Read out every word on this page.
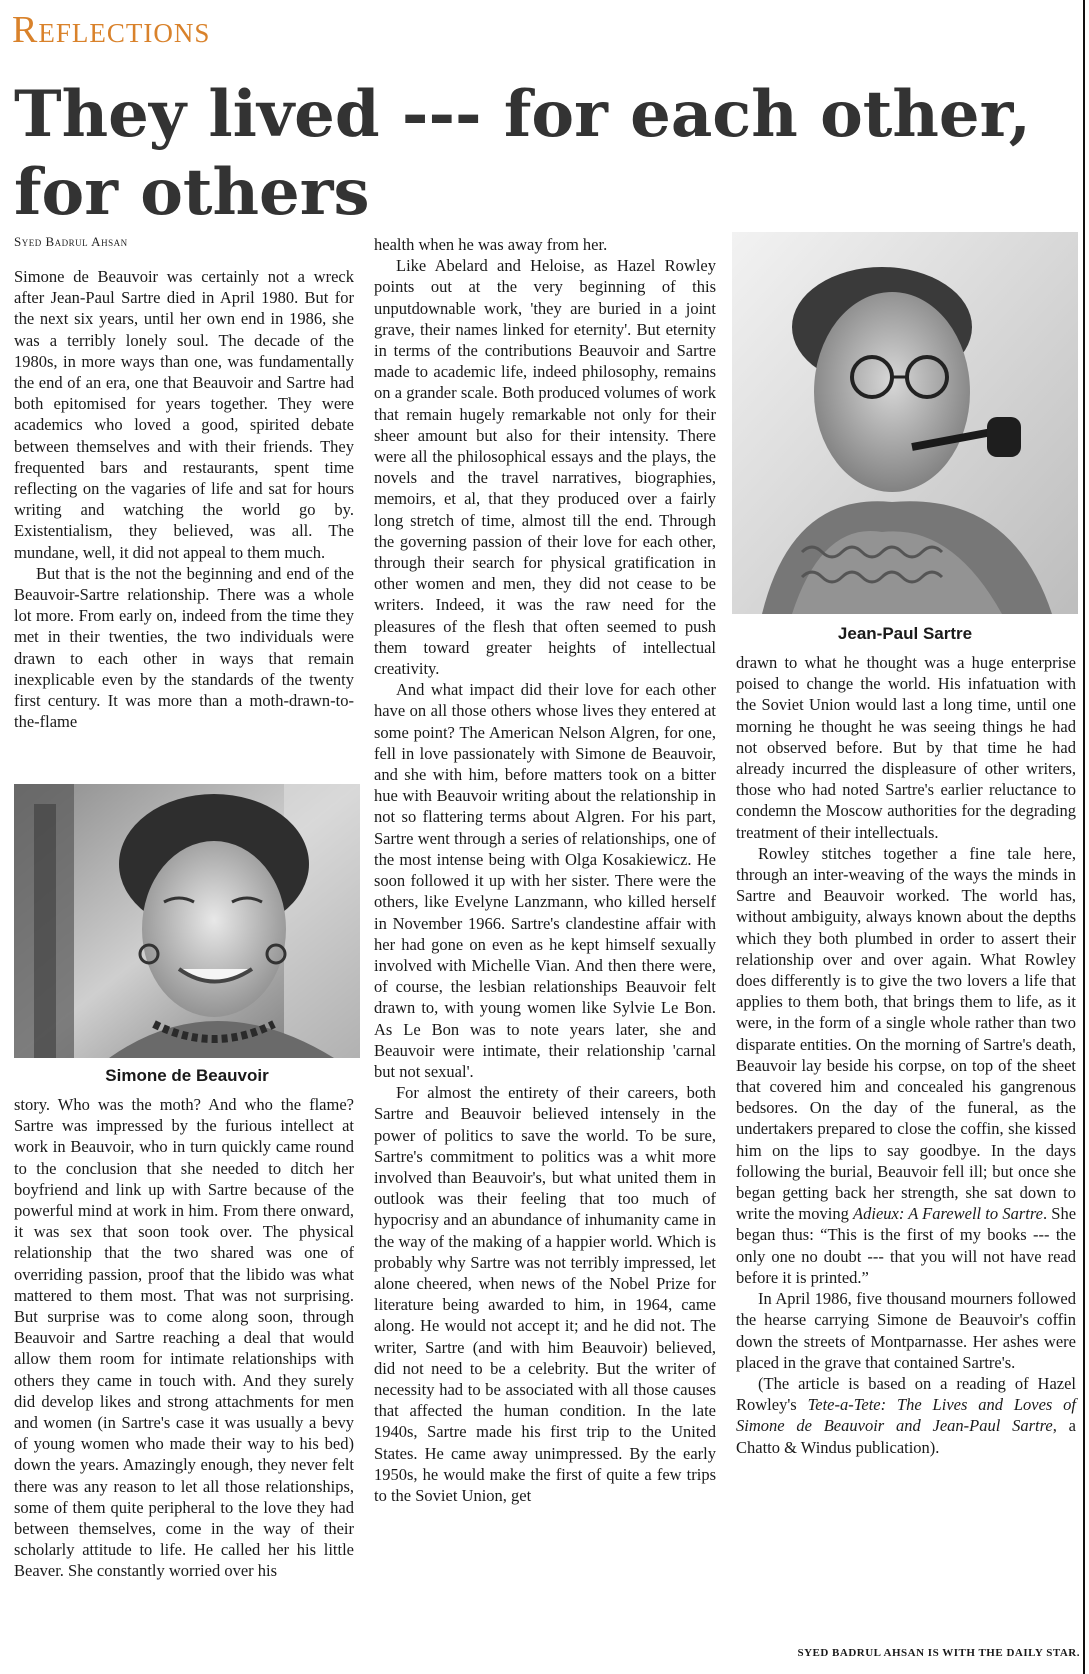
Reflections
They lived --- for each other, for others
Syed Badrul Ahsan

Simone de Beauvoir was certainly not a wreck after Jean-Paul Sartre died in April 1980. But for the next six years, until her own end in 1986, she was a terribly lonely soul. The decade of the 1980s, in more ways than one, was fundamentally the end of an era, one that Beauvoir and Sartre had both epitomised for years together. They were academics who loved a good, spirited debate between themselves and with their friends. They frequented bars and restaurants, spent time reflecting on the vagaries of life and sat for hours writing and watching the world go by. Existentialism, they believed, was all. The mundane, well, it did not appeal to them much.

But that is the not the beginning and end of the Beauvoir-Sartre relationship. There was a whole lot more. From early on, indeed from the time they met in their twenties, the two individuals were drawn to each other in ways that remain inexplicable even by the standards of the twenty first century. It was more than a moth-drawn-to-the-flame

Simone de Beauvoir

story. Who was the moth? And who the flame? Sartre was impressed by the furious intellect at work in Beauvoir, who in turn quickly came round to the conclusion that she needed to ditch her boyfriend and link up with Sartre because of the powerful mind at work in him. From there onward, it was sex that soon took over. The physical relationship that the two shared was one of overriding passion, proof that the libido was what mattered to them most. That was not surprising. But surprise was to come along soon, through Beauvoir and Sartre reaching a deal that would allow them room for intimate relationships with others they came in touch with. And they surely did develop likes and strong attachments for men and women (in Sartre's case it was usually a bevy of young women who made their way to his bed) down the years. Amazingly enough, they never felt there was any reason to let all those relationships, some of them quite peripheral to the love they had between themselves, come in the way of their scholarly attitude to life. He called her his little Beaver. She constantly worried over his

health when he was away from her.

Like Abelard and Heloise, as Hazel Rowley points out at the very beginning of this unputdownable work, 'they are buried in a joint grave, their names linked for eternity'. But eternity in terms of the contributions Beauvoir and Sartre made to academic life, indeed philosophy, remains on a grander scale. Both produced volumes of work that remain hugely remarkable not only for their sheer amount but also for their intensity. There were all the philosophical essays and the plays, the novels and the travel narratives, biographies, memoirs, et al, that they produced over a fairly long stretch of time, almost till the end. Through the governing passion of their love for each other, through their search for physical gratification in other women and men, they did not cease to be writers. Indeed, it was the raw need for the pleasures of the flesh that often seemed to push them toward greater heights of intellectual creativity.

And what impact did their love for each other have on all those others whose lives they entered at some point? The American Nelson Algren, for one, fell in love passionately with Simone de Beauvoir, and she with him, before matters took on a bitter hue with Beauvoir writing about the relationship in not so flattering terms about Algren. For his part, Sartre went through a series of relationships, one of the most intense being with Olga Kosakiewicz. He soon followed it up with her sister. There were the others, like Evelyne Lanzmann, who killed herself in November 1966. Sartre's clandestine affair with her had gone on even as he kept himself sexually involved with Michelle Vian. And then there were, of course, the lesbian relationships Beauvoir felt drawn to, with young women like Sylvie Le Bon. As Le Bon was to note years later, she and Beauvoir were intimate, their relationship 'carnal but not sexual'.

For almost the entirety of their careers, both Sartre and Beauvoir believed intensely in the power of politics to save the world. To be sure, Sartre's commitment to politics was a whit more involved than Beauvoir's, but what united them in outlook was their feeling that too much of hypocrisy and an abundance of inhumanity came in the way of the making of a happier world. Which is probably why Sartre was not terribly impressed, let alone cheered, when news of the Nobel Prize for literature being awarded to him, in 1964, came along. He would not accept it; and he did not. The writer, Sartre (and with him Beauvoir) believed, did not need to be a celebrity. But the writer of necessity had to be associated with all those causes that affected the human condition. In the late 1940s, Sartre made his first trip to the United States. He came away unimpressed. By the early 1950s, he would make the first of quite a few trips to the Soviet Union, get

Jean-Paul Sartre

drawn to what he thought was a huge enterprise poised to change the world. His infatuation with the Soviet Union would last a long time, until one morning he thought he was seeing things he had not observed before. But by that time he had already incurred the displeasure of other writers, those who had noted Sartre's earlier reluctance to condemn the Moscow authorities for the degrading treatment of their intellectuals.

Rowley stitches together a fine tale here, through an inter-weaving of the ways the minds in Sartre and Beauvoir worked. The world has, without ambiguity, always known about the depths which they both plumbed in order to assert their relationship over and over again. What Rowley does differently is to give the two lovers a life that applies to them both, that brings them to life, as it were, in the form of a single whole rather than two disparate entities. On the morning of Sartre's death, Beauvoir lay beside his corpse, on top of the sheet that covered him and concealed his gangrenous bedsores. On the day of the funeral, as the undertakers prepared to close the coffin, she kissed him on the lips to say goodbye. In the days following the burial, Beauvoir fell ill; but once she began getting back her strength, she sat down to write the moving Adieux: A Farewell to Sartre. She began thus: “This is the first of my books --- the only one no doubt --- that you will not have read before it is printed.”

In April 1986, five thousand mourners followed the hearse carrying Simone de Beauvoir's coffin down the streets of Montparnasse. Her ashes were placed in the grave that contained Sartre's.

(The article is based on a reading of Hazel Rowley's Tete-a-Tete: The Lives and Loves of Simone de Beauvoir and Jean-Paul Sartre, a Chatto & Windus publication).

SYED BADRUL AHSAN IS WITH THE DAILY STAR.
